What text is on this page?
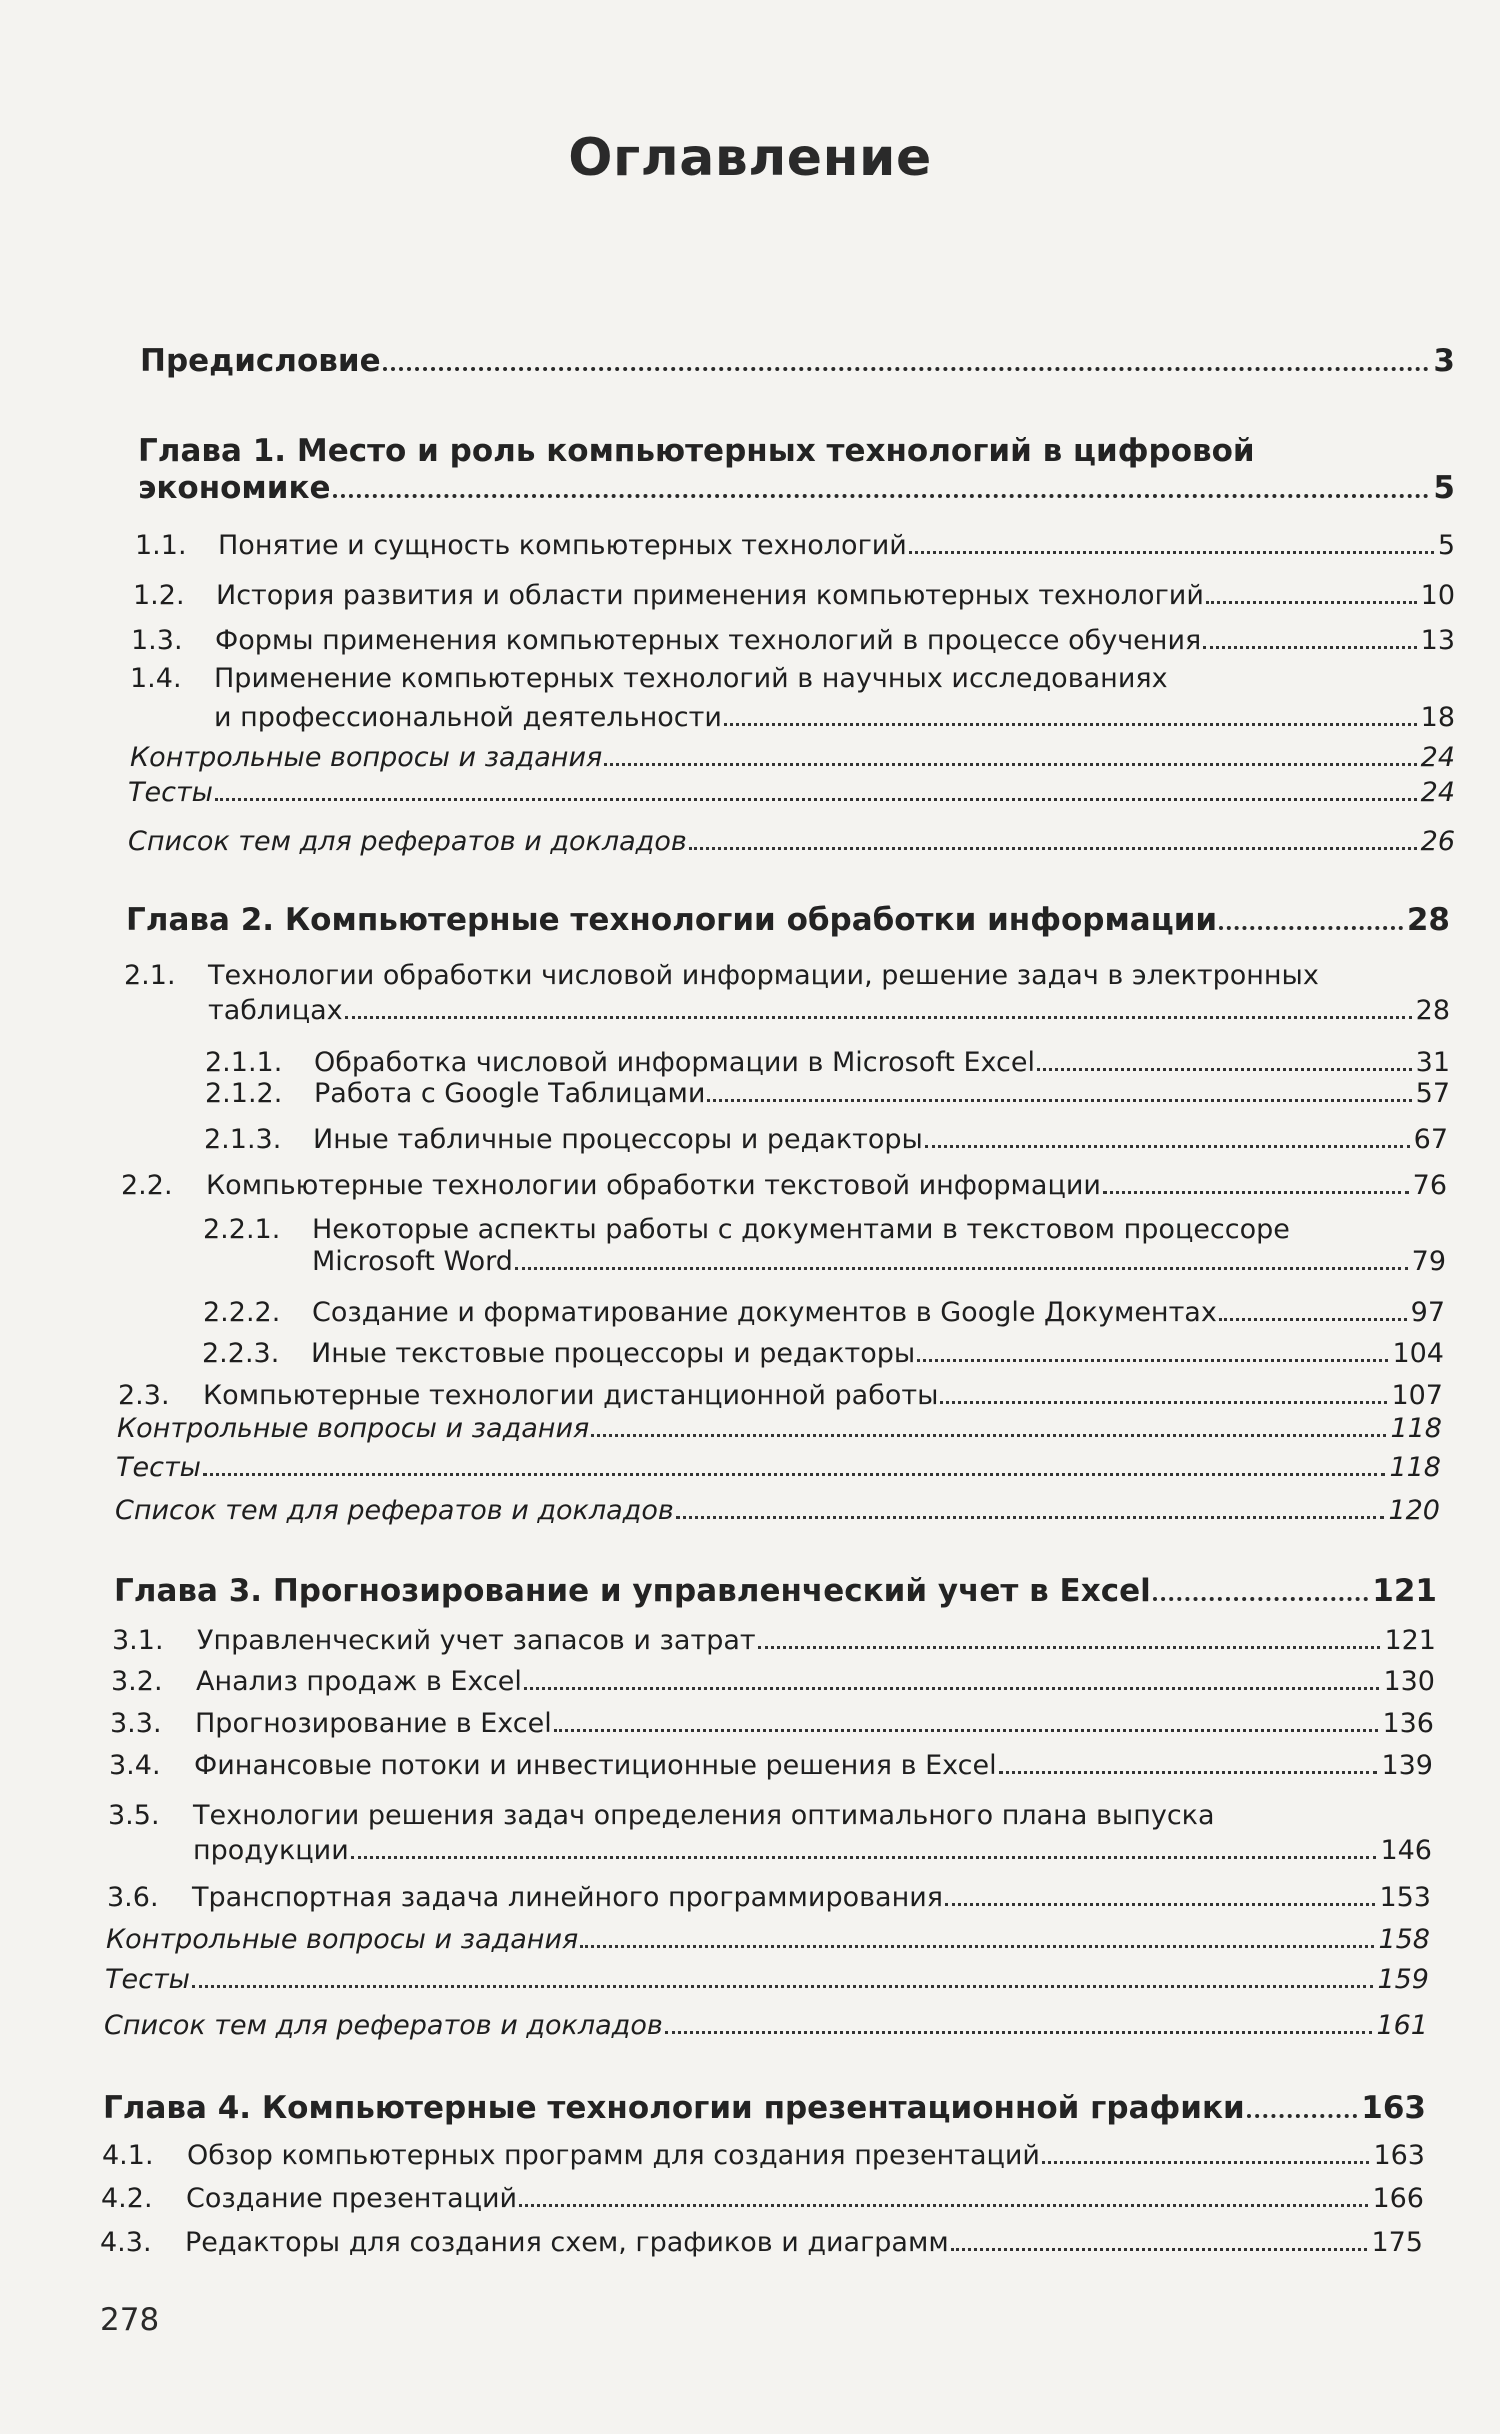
Оглавление
Предисловие	3
Глава 1. Место и роль компьютерных технологий в цифровой
экономике	5
1.1.	Понятие и сущность компьютерных технологий	5
1.2.	История развития и области применения компьютерных технологий	10
1.3.	Формы применения компьютерных технологий в процессе обучения	13
1.4.	Применение компьютерных технологий в научных исследованиях
и профессиональной деятельности	18
Контрольные вопросы и задания	24
Тесты	24
Список тем для рефератов и докладов	26
Глава 2. Компьютерные технологии обработки информации	28
2.1.	Технологии обработки числовой информации, решение задач в электронных
таблицах	28
2.1.1.	Обработка числовой информации в Microsoft Excel	31
2.1.2.	Работа с Google Таблицами	57
2.1.3.	Иные табличные процессоры и редакторы	67
2.2.	Компьютерные технологии обработки текстовой информации	76
2.2.1.	Некоторые аспекты работы с документами в текстовом процессоре
Microsoft Word	79
2.2.2.	Создание и форматирование документов в Google Документах	97
2.2.3.	Иные текстовые процессоры и редакторы	104
2.3.	Компьютерные технологии дистанционной работы	107
Контрольные вопросы и задания	118
Тесты	118
Список тем для рефератов и докладов	120
Глава 3. Прогнозирование и управленческий учет в Excel	121
3.1.	Управленческий учет запасов и затрат	121
3.2.	Анализ продаж в Excel	130
3.3.	Прогнозирование в Excel	136
3.4.	Финансовые потоки и инвестиционные решения в Excel	139
3.5.	Технологии решения задач определения оптимального плана выпуска
продукции	146
3.6.	Транспортная задача линейного программирования	153
Контрольные вопросы и задания	158
Тесты	159
Список тем для рефератов и докладов	161
Глава 4. Компьютерные технологии презентационной графики	163
4.1.	Обзор компьютерных программ для создания презентаций	163
4.2.	Создание презентаций	166
4.3.	Редакторы для создания схем, графиков и диаграмм	175
278
